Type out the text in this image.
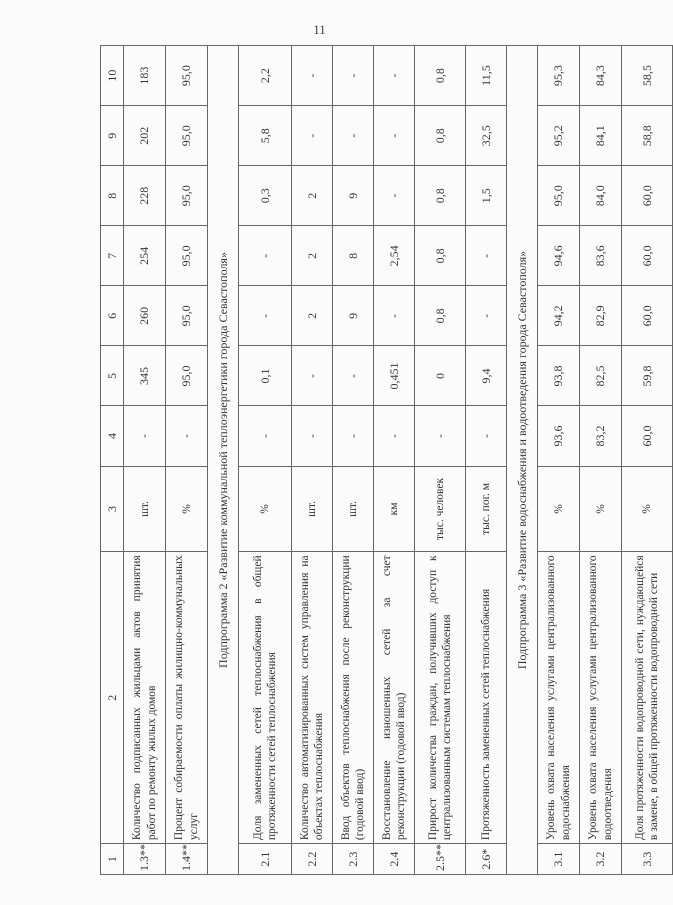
11
1	2	3	4	5	6	7	8	9	10
1.3**	Количество подписанных жильцами актов принятия работ по ремонту жилых домов	шт.	-	345	260	254	228	202	183
1.4**	Процент собираемости оплаты жилищно-коммунальных услуг	%	-	95,0	95,0	95,0	95,0	95,0	95,0
Подпрограмма 2 «Развитие коммунальной теплоэнергетики города Севастополя»									
2.1	Доля замененных сетей теплоснабжения в общей протяженности сетей теплоснабжения	%	-	0,1	-	-	0,3	5,8	2,2
2.2	Количество автоматизированных систем управления на объектах теплоснабжения	шт.	-	-	2	2	2	-	-
2.3	Ввод объектов теплоснабжения после реконструкции (годовой ввод)	шт.	-	-	9	8	9	-	-
2.4	Восстановление изношенных сетей за счет реконструкции (годовой ввод)	км	-	0,451	-	2,54	-	-	-
2.5**	Прирост количества граждан, получивших доступ к централизованным системам теплоснабжения	тыс. человек	-	0	0,8	0,8	0,8	0,8	0,8
2.6*	Протяженность замененных сетей теплоснабжения	тыс. пог. м	-	9,4	-	-	1,5	32,5	11,5
Подпрограмма 3 «Развитие водоснабжения и водоотведения города Севастополя»									
3.1	Уровень охвата населения услугами централизованного водоснабжения	%	93,6	93,8	94,2	94,6	95,0	95,2	95,3
3.2	Уровень охвата населения услугами централизованного водоотведения	%	83,2	82,5	82,9	83,6	84,0	84,1	84,3
3.3	Доля протяженности водопроводной сети, нуждающейся в замене, в общей протяженности водопроводной сети	%	60,0	59,8	60,0	60,0	60,0	58,8	58,5
